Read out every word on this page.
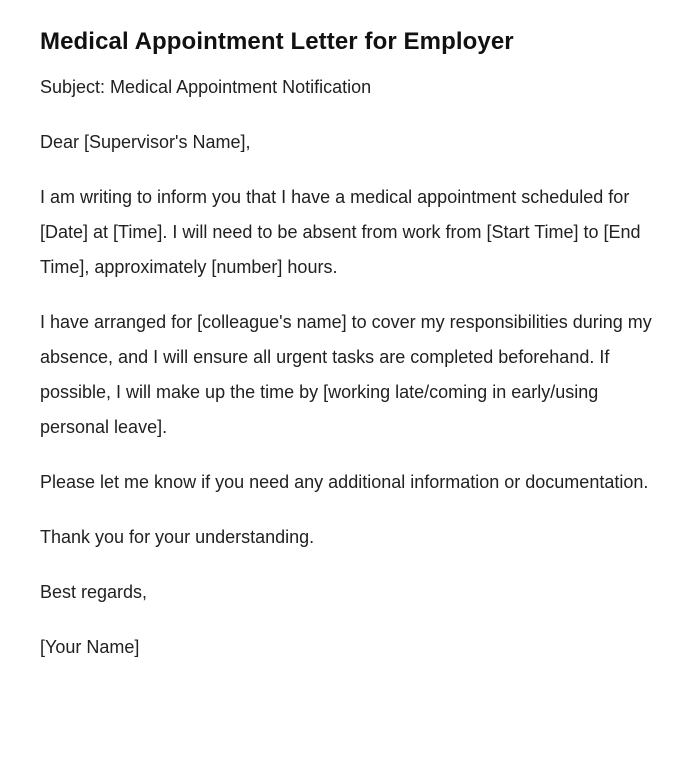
Medical Appointment Letter for Employer

Subject: Medical Appointment Notification

Dear [Supervisor's Name],

I am writing to inform you that I have a medical appointment scheduled for [Date] at [Time]. I will need to be absent from work from [Start Time] to [End Time], approximately [number] hours.

I have arranged for [colleague's name] to cover my responsibilities during my absence, and I will ensure all urgent tasks are completed beforehand. If possible, I will make up the time by [working late/coming in early/using personal leave].

Please let me know if you need any additional information or documentation.

Thank you for your understanding.

Best regards,

[Your Name]
